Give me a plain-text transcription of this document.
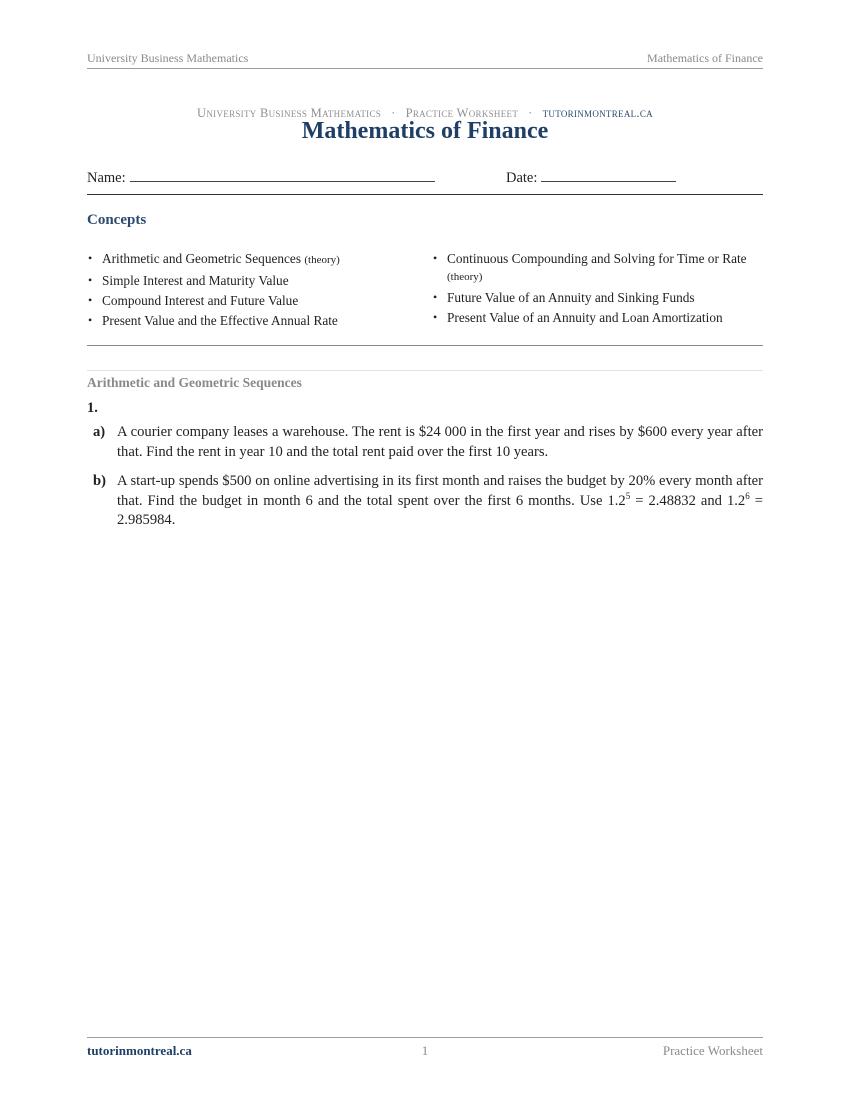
University Business Mathematics	Mathematics of Finance
University Business Mathematics · Practice Worksheet · tutorinmontreal.ca
Mathematics of Finance
Name:	Date:
Concepts
• Arithmetic and Geometric Sequences (theory)
• Simple Interest and Maturity Value
• Compound Interest and Future Value
• Present Value and the Effective Annual Rate
• Continuous Compounding and Solving for Time or Rate (theory)
• Future Value of an Annuity and Sinking Funds
• Present Value of an Annuity and Loan Amortization
Arithmetic and Geometric Sequences
1.
a) A courier company leases a warehouse. The rent is $24 000 in the first year and rises by $600 every year after that. Find the rent in year 10 and the total rent paid over the first 10 years.
b) A start-up spends $500 on online advertising in its first month and raises the budget by 20% every month after that. Find the budget in month 6 and the total spent over the first 6 months. Use $1.2^5 = 2.48832$ and $1.2^6 = 2.985984$.
tutorinmontreal.ca	1	Practice Worksheet
